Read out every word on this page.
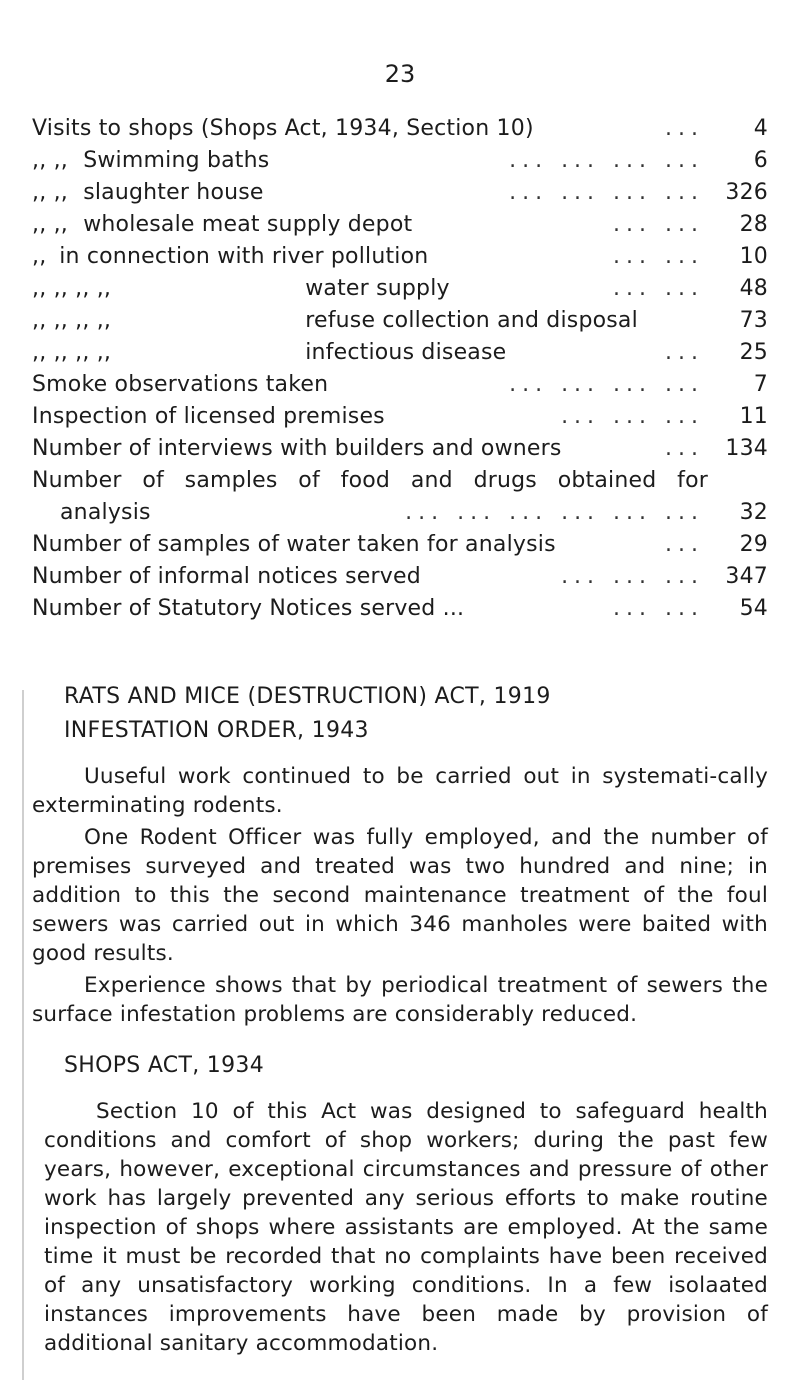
23
Visits to shops (Shops Act, 1934, Section 10)	...	4
,, ,, Swimming baths	... ... ... ...	6
,, ,, slaughter house	... ... ... ... 326
,, ,, wholesale meat supply depot	... ...	28
,, in connection with river pollution	... ...	10
,, ,, ,, ,,	water supply	... ...	48
,, ,, ,, ,,	refuse collection and disposal	73
,, ,, ,, ,,	infectious disease	...	25
Smoke observations taken	... ... ... ...	7
Inspection of licensed premises	... ... ...	11
Number of interviews with builders and owners	... 134
Number of samples of food and drugs obtained for
analysis	... ... ... ... ... ...	32
Number of samples of water taken for analysis	...	29
Number of informal notices served	... ... ... 347
Number of Statutory Notices served ...	... ...	54
RATS AND MICE (DESTRUCTION) ACT, 1919
INFESTATION ORDER, 1943

Uuseful work continued to be carried out in systemati-cally exterminating rodents.

One Rodent Officer was fully employed, and the number of premises surveyed and treated was two hundred and nine; in addition to this the second maintenance treatment of the foul sewers was carried out in which 346 manholes were baited with good results.

Experience shows that by periodical treatment of sewers the surface infestation problems are considerably reduced.

SHOPS ACT, 1934

Section 10 of this Act was designed to safeguard health conditions and comfort of shop workers; during the past few years, however, exceptional circumstances and pressure of other work has largely prevented any serious efforts to make routine inspection of shops where assistants are employed. At the same time it must be recorded that no complaints have been received of any unsatisfactory working conditions. In a few isolaated instances improvements have been made by provision of additional sanitary accommodation.
